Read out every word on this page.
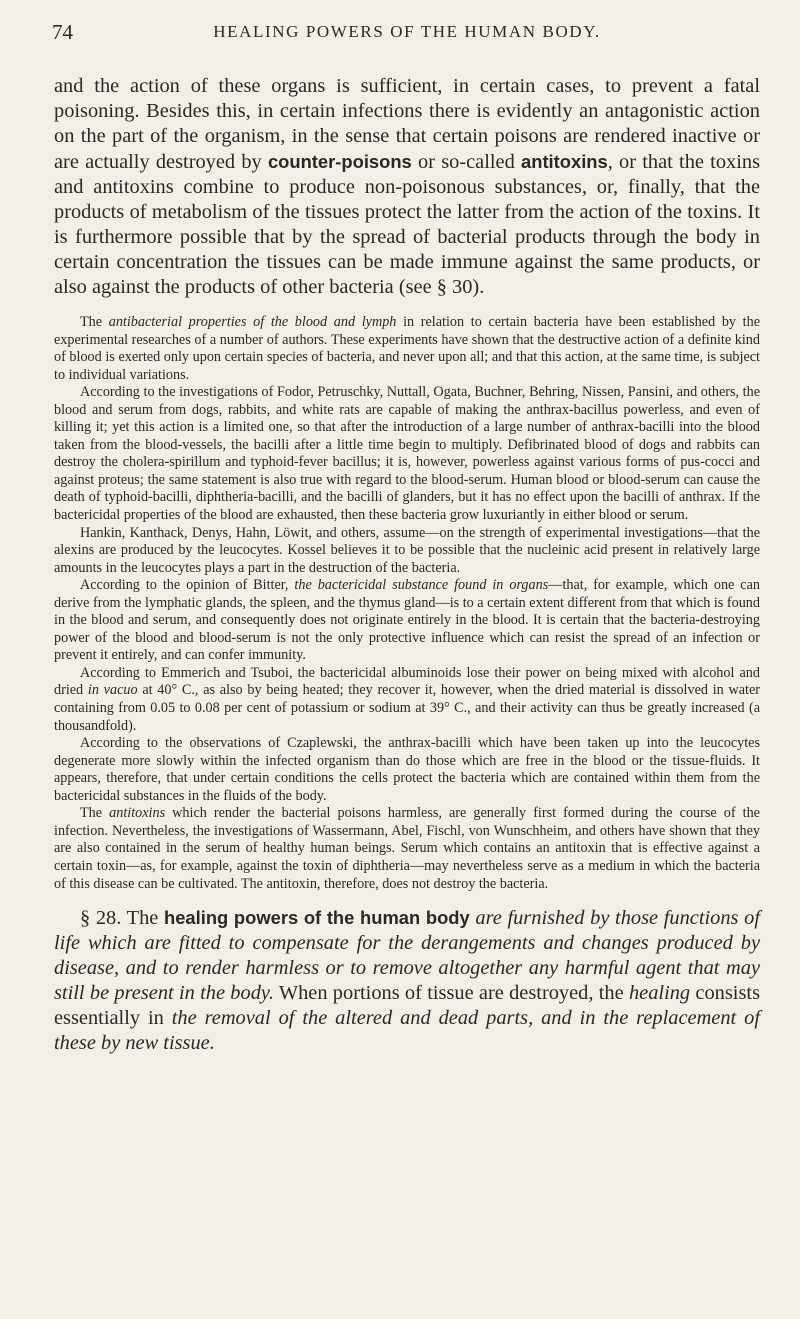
74	HEALING POWERS OF THE HUMAN BODY.

and the action of these organs is sufficient, in certain cases, to prevent a fatal poisoning. Besides this, in certain infections there is evidently an antagonistic action on the part of the organism, in the sense that certain poisons are rendered inactive or are actually destroyed by counter-poisons or so-called antitoxins, or that the toxins and antitoxins combine to produce non-poisonous substances, or, finally, that the products of metabolism of the tissues protect the latter from the action of the toxins. It is furthermore possible that by the spread of bacterial products through the body in certain concentration the tissues can be made immune against the same products, or also against the products of other bacteria (see § 30).

The antibacterial properties of the blood and lymph in relation to certain bacteria have been established by the experimental researches of a number of authors. These experiments have shown that the destructive action of a definite kind of blood is exerted only upon certain species of bacteria, and never upon all; and that this action, at the same time, is subject to individual variations.

According to the investigations of Fodor, Petruschky, Nuttall, Ogata, Buchner, Behring, Nissen, Pansini, and others, the blood and serum from dogs, rabbits, and white rats are capable of making the anthrax-bacillus powerless, and even of killing it; yet this action is a limited one, so that after the introduction of a large number of anthrax-bacilli into the blood taken from the blood-vessels, the bacilli after a little time begin to multiply. Defibrinated blood of dogs and rabbits can destroy the cholera-spirillum and typhoid-fever bacillus; it is, however, powerless against various forms of pus-cocci and against proteus; the same statement is also true with regard to the blood-serum. Human blood or blood-serum can cause the death of typhoid-bacilli, diphtheria-bacilli, and the bacilli of glanders, but it has no effect upon the bacilli of anthrax. If the bactericidal properties of the blood are exhausted, then these bacteria grow luxuriantly in either blood or serum.

Hankin, Kanthack, Denys, Hahn, Löwit, and others, assume—on the strength of experimental investigations—that the alexins are produced by the leucocytes. Kossel believes it to be possible that the nucleinic acid present in relatively large amounts in the leucocytes plays a part in the destruction of the bacteria.

According to the opinion of Bitter, the bactericidal substance found in organs—that, for example, which one can derive from the lymphatic glands, the spleen, and the thymus gland—is to a certain extent different from that which is found in the blood and serum, and consequently does not originate entirely in the blood. It is certain that the bacteria-destroying power of the blood and blood-serum is not the only protective influence which can resist the spread of an infection or prevent it entirely, and can confer immunity.

According to Emmerich and Tsuboi, the bactericidal albuminoids lose their power on being mixed with alcohol and dried in vacuo at 40° C., as also by being heated; they recover it, however, when the dried material is dissolved in water containing from 0.05 to 0.08 per cent of potassium or sodium at 39° C., and their activity can thus be greatly increased (a thousandfold).

According to the observations of Czaplewski, the anthrax-bacilli which have been taken up into the leucocytes degenerate more slowly within the infected organism than do those which are free in the blood or the tissue-fluids. It appears, therefore, that under certain conditions the cells protect the bacteria which are contained within them from the bactericidal substances in the fluids of the body.

The antitoxins which render the bacterial poisons harmless, are generally first formed during the course of the infection. Nevertheless, the investigations of Wassermann, Abel, Fischl, von Wunschheim, and others have shown that they are also contained in the serum of healthy human beings. Serum which contains an antitoxin that is effective against a certain toxin—as, for example, against the toxin of diphtheria—may nevertheless serve as a medium in which the bacteria of this disease can be cultivated. The antitoxin, therefore, does not destroy the bacteria.

§ 28. The healing powers of the human body are furnished by those functions of life which are fitted to compensate for the derangements and changes produced by disease, and to render harmless or to remove altogether any harmful agent that may still be present in the body. When portions of tissue are destroyed, the healing consists essentially in the removal of the altered and dead parts, and in the replacement of these by new tissue.
